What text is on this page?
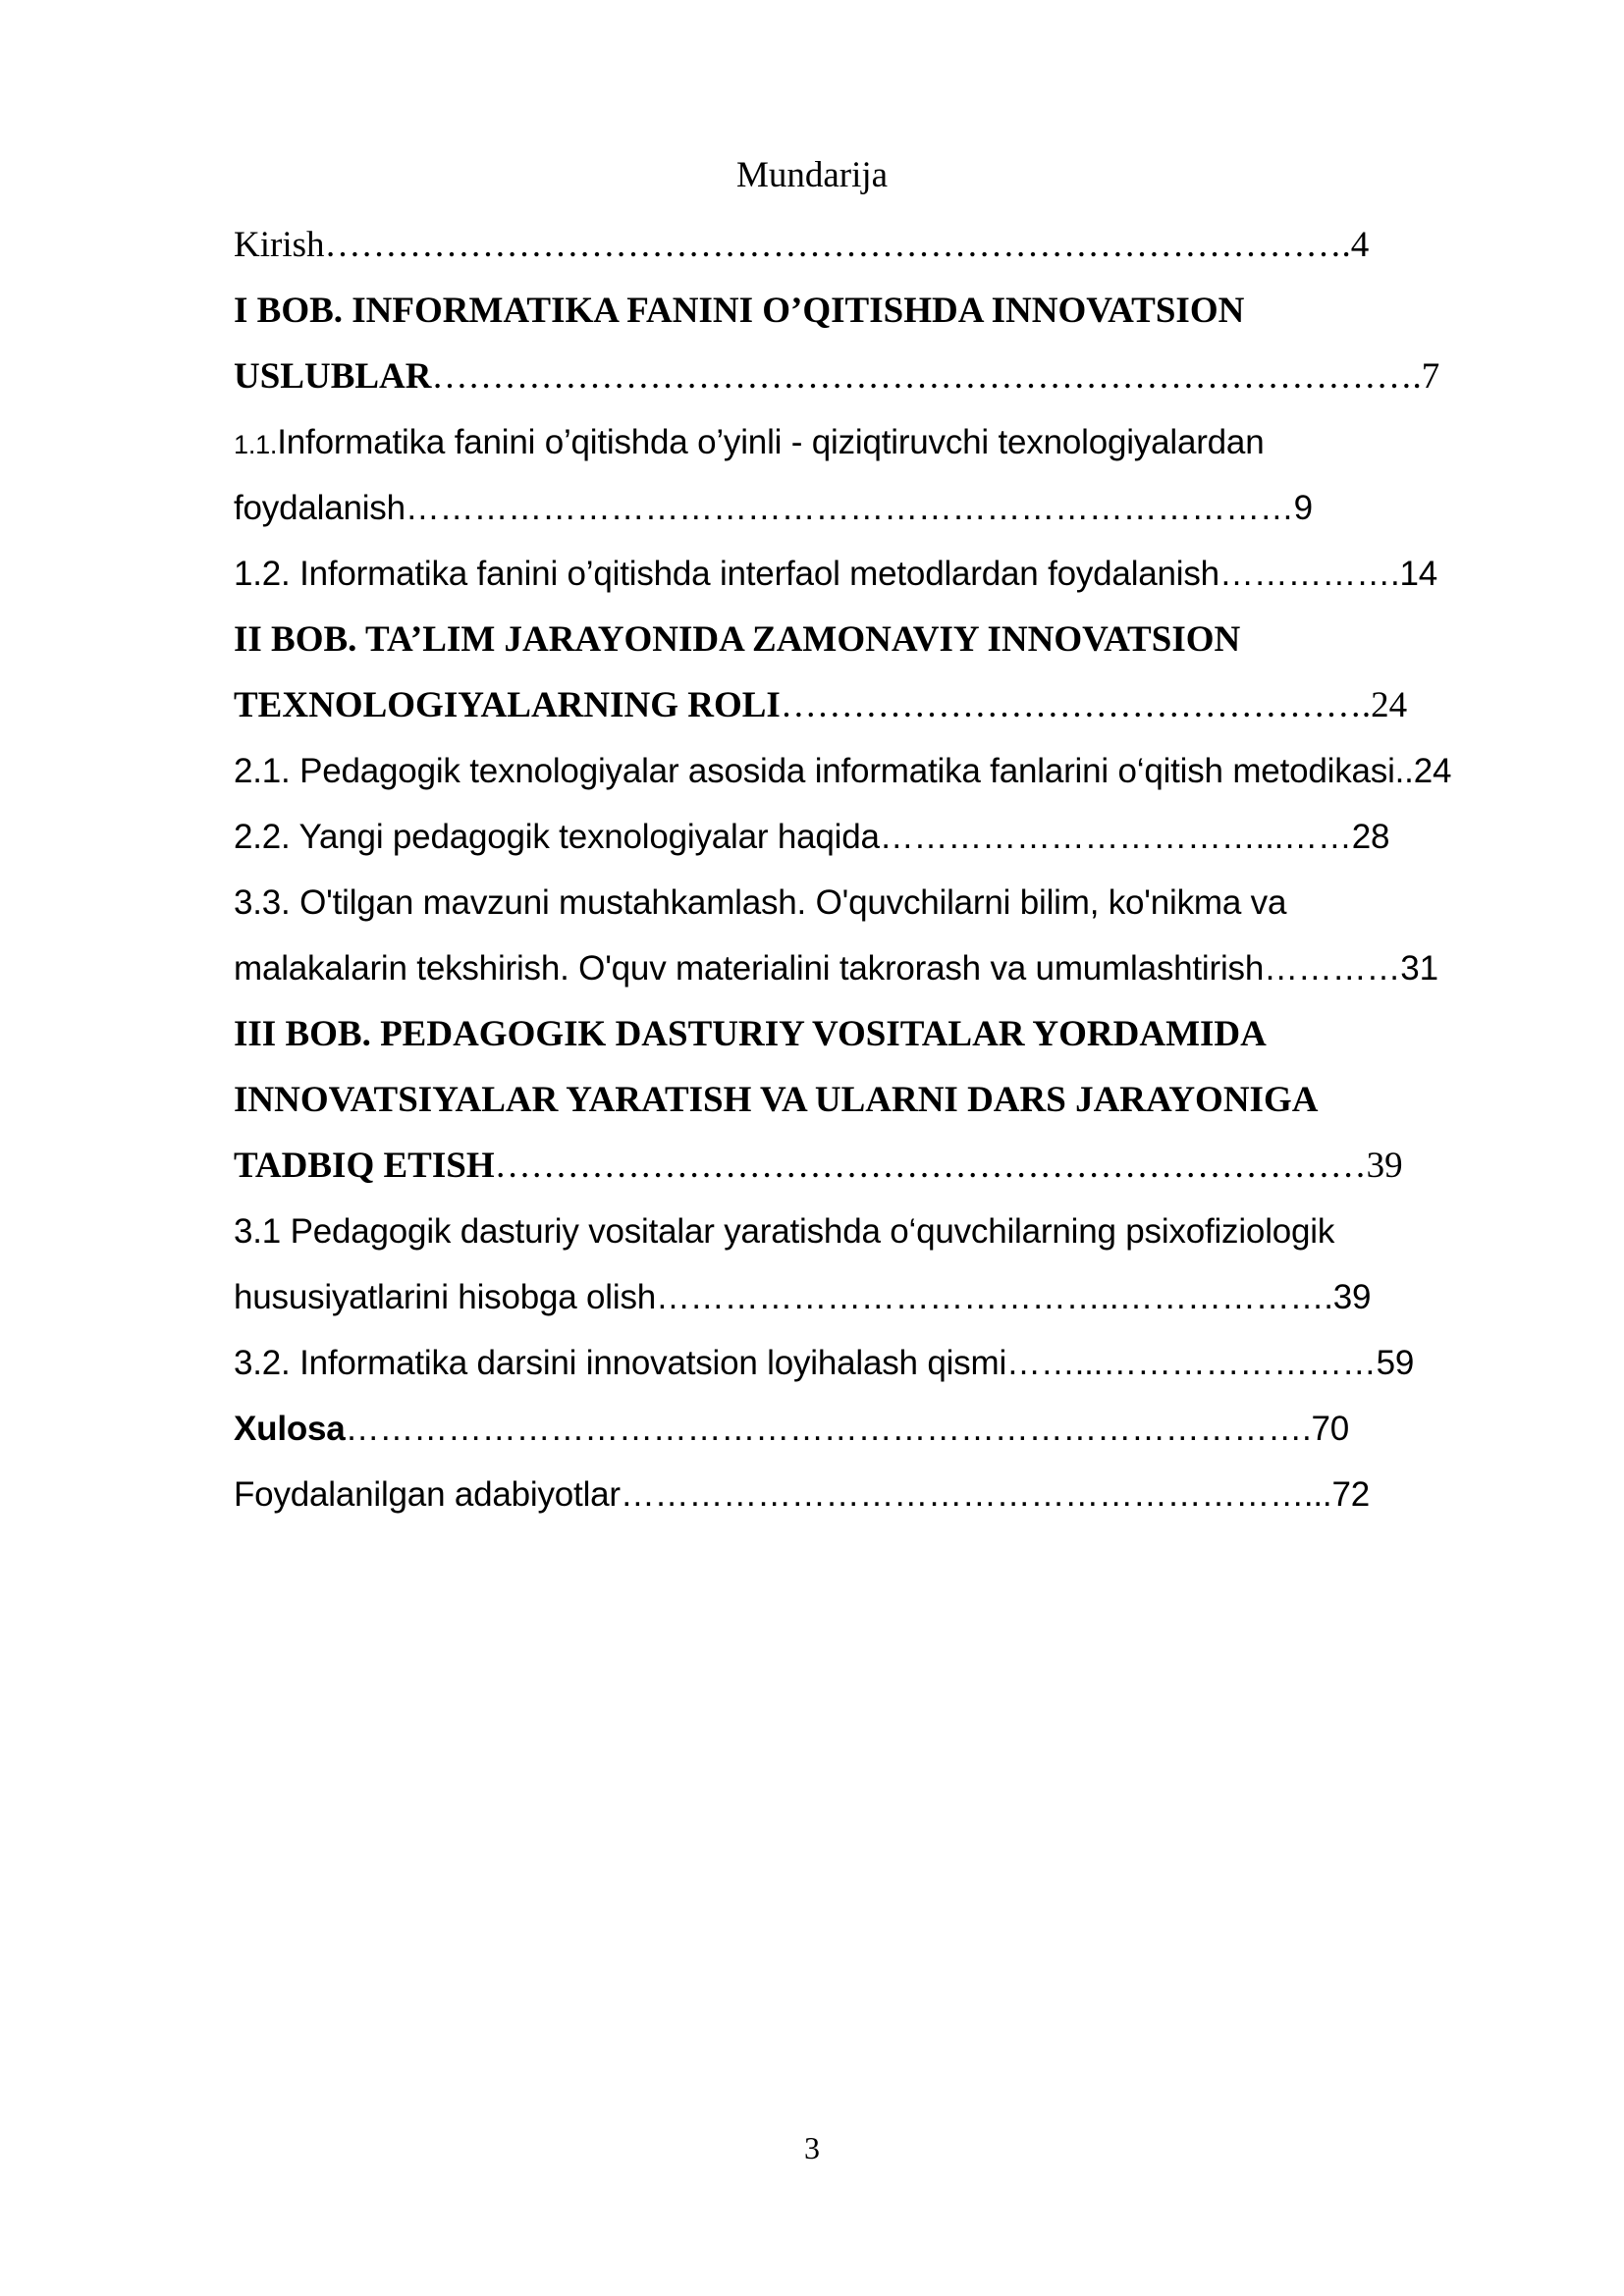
Mundarija
Kirish………………………………………………………………………….4
I BOB. INFORMATIKA FANINI O’QITISHDA INNOVATSION
USLUBLAR……………………………………………………………………….7
1.1.Informatika fanini o’qitishda o’yinli - qiziqtiruvchi texnologiyalardan
foydalanish……………………………………………………………………9
1.2. Informatika fanini o’qitishda interfaol metodlardan foydalanish…………….14
II BOB. TA’LIM JARAYONIDA ZAMONAVIY INNOVATSION
TEXNOLOGIYALARNING ROLI………………………………………….24
2.1. Pedagogik texnologiyalar asosida informatika fanlarini o‘qitish metodikasi..24
2.2. Yangi pedagogik texnologiyalar haqida……………………………...……28
3.3. O'tilgan mavzuni mustahkamlash. O'quvchilarni bilim, ko'nikma va
malakalarin tekshirish. O'quv materialini takrorash va umumlashtirish…………31
III BOB. PEDAGOGIK DASTURIY VOSITALAR YORDAMIDA
INNOVATSIYALAR YARATISH VA ULARNI DARS JARAYONIGA
TADBIQ ETISH………………………………………………………………39
3.1 Pedagogik dasturiy vositalar yaratishda o‘quvchilarning psixofiziologik
hususiyatlarini hisobga olish…………………………………..……………….39
3.2. Informatika darsini innovatsion loyihalash qismi……...……………………59
Xulosa………………………………………………………………………….70
Foydalanilgan adabiyotlar……………………………………………………...72
3
